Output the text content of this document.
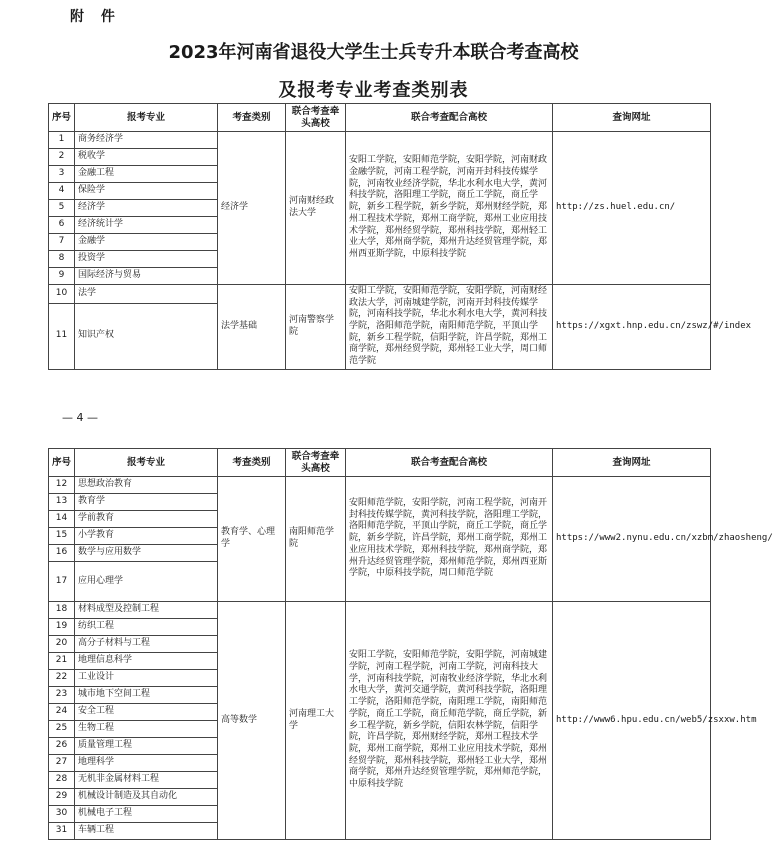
附 件
2023年河南省退役大学生士兵专升本联合考查高校
及报考专业考查类别表
序号	报考专业	考查类别	联合考查牵头高校	联合考查配合高校	查询网址
1	商务经济学	经济学	河南财经政法大学	安阳工学院，安阳师范学院，安阳学院，河南财政金融学院，河南工程学院，河南开封科技传媒学院，河南牧业经济学院，华北水利水电大学，黄河科技学院，洛阳理工学院，商丘工学院，商丘学院，新乡工程学院，新乡学院，郑州财经学院，郑州工程技术学院，郑州工商学院，郑州工业应用技术学院，郑州经贸学院，郑州科技学院，郑州轻工业大学，郑州商学院，郑州升达经贸管理学院，郑州西亚斯学院，中原科技学院	http://zs.huel.edu.cn/
2	税收学				
3	金融工程				
4	保险学				
5	经济学				
6	经济统计学				
7	金融学				
8	投资学				
9	国际经济与贸易				
10	法学	法学基础	河南警察学院	安阳工学院，安阳师范学院，安阳学院，河南财经政法大学，河南城建学院，河南开封科技传媒学院，河南科技学院，华北水利水电大学，黄河科技学院，洛阳师范学院，南阳师范学院，平顶山学院，新乡工程学院，信阳学院，许昌学院，郑州工商学院，郑州经贸学院，郑州轻工业大学，周口师范学院	https://xgxt.hnp.edu.cn/zswz/#/index
11	知识产权				
— 4 —
序号	报考专业	考查类别	联合考查牵头高校	联合考查配合高校	查询网址
12	思想政治教育	教育学、心理学	南阳师范学院	安阳师范学院，安阳学院，河南工程学院，河南开封科技传媒学院，黄河科技学院，洛阳理工学院，洛阳师范学院，平顶山学院，商丘工学院，商丘学院，新乡学院，许昌学院，郑州工商学院，郑州工业应用技术学院，郑州科技学院，郑州商学院，郑州升达经贸管理学院，郑州师范学院，郑州西亚斯学院，中原科技学院，周口师范学院	https://www2.nynu.edu.cn/xzbm/zhaosheng/
13	教育学				
14	学前教育				
15	小学教育				
16	数学与应用数学				
17	应用心理学				
18	材料成型及控制工程	高等数学	河南理工大学	安阳工学院，安阳师范学院，安阳学院，河南城建学院，河南工程学院，河南工学院，河南科技大学，河南科技学院，河南牧业经济学院，华北水利水电大学，黄河交通学院，黄河科技学院，洛阳理工学院，洛阳师范学院，南阳理工学院，南阳师范学院，商丘工学院，商丘师范学院，商丘学院，新乡工程学院，新乡学院，信阳农林学院，信阳学院，许昌学院，郑州财经学院，郑州工程技术学院，郑州工商学院，郑州工业应用技术学院，郑州经贸学院，郑州科技学院，郑州轻工业大学，郑州商学院，郑州升达经贸管理学院，郑州师范学院，中原科技学院	http://www6.hpu.edu.cn/web5/zsxxw.htm
19	纺织工程				
20	高分子材料与工程				
21	地理信息科学				
22	工业设计				
23	城市地下空间工程				
24	安全工程				
25	生物工程				
26	质量管理工程				
27	地理科学				
28	无机非金属材料工程				
29	机械设计制造及其自动化				
30	机械电子工程				
31	车辆工程				
